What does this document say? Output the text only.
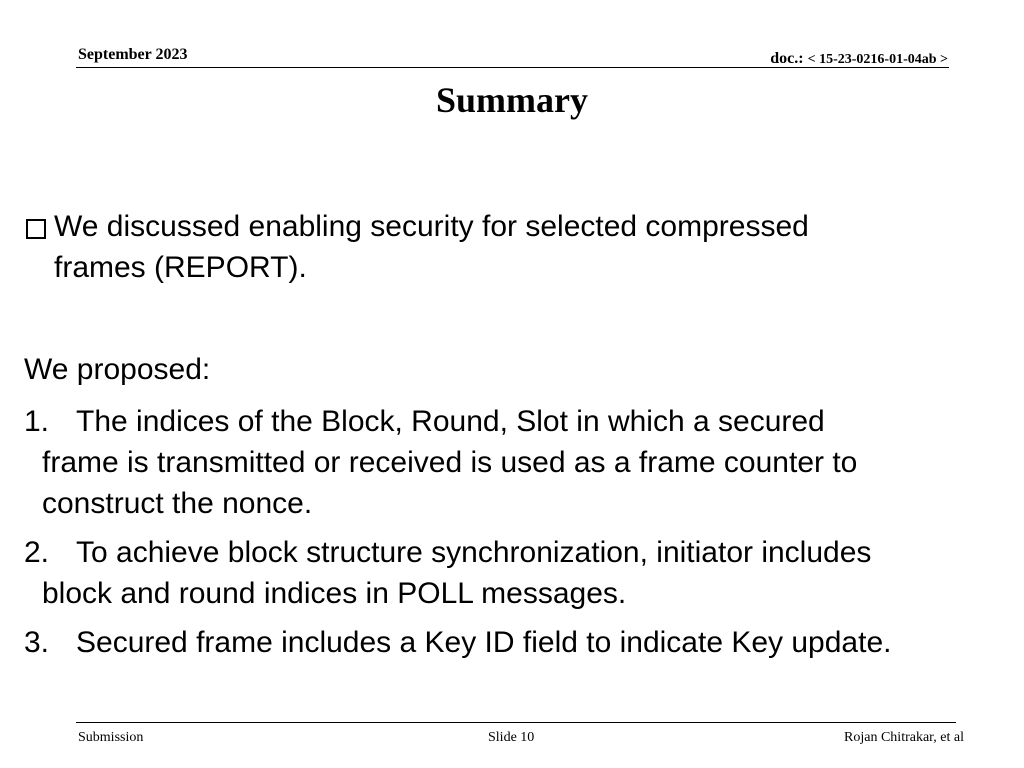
September 2023	doc.: < 15-23-0216-01-04ab >
Summary
We discussed enabling security for selected compressed
frames (REPORT).
We proposed:
1. The indices of the Block, Round, Slot in which a secured
frame is transmitted or received is used as a frame counter to
construct the nonce.
2. To achieve block structure synchronization, initiator includes
block and round indices in POLL messages.
3. Secured frame includes a Key ID field to indicate Key update.
Submission	Slide 10	Rojan Chitrakar, et al
